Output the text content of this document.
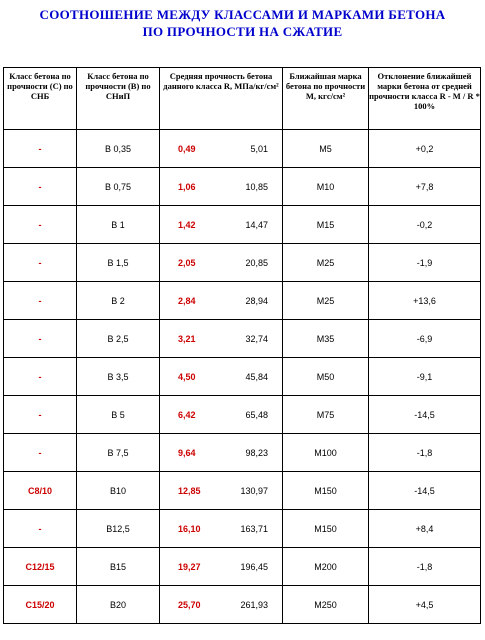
СООТНОШЕНИЕ МЕЖДУ КЛАССАМИ И МАРКАМИ БЕТОНА
ПО ПРОЧНОСТИ НА СЖАТИЕ
Класс бетона по прочности (С) по СНБ	Класс бетона по прочности (В) по СНиП	Средняя прочность бетона данного класса R, МПа/кг/см²	Ближайшая марка бетона по прочности М, кгс/см²	Отклонение ближайшей марки бетона от средней прочности класса R - M / R * 100%
-	В 0,35	0,49 5,01	М5	+0,2
-	В 0,75	1,06 10,85	М10	+7,8
-	В 1	1,42 14,47	М15	-0,2
-	В 1,5	2,05 20,85	М25	-1,9
-	В 2	2,84 28,94	М25	+13,6
-	В 2,5	3,21 32,74	М35	-6,9
-	В 3,5	4,50 45,84	М50	-9,1
-	В 5	6,42 65,48	М75	-14,5
-	В 7,5	9,64 98,23	М100	-1,8
C8/10	В10	12,85 130,97	М150	-14,5
-	В12,5	16,10 163,71	М150	+8,4
C12/15	В15	19,27 196,45	М200	-1,8
C15/20	В20	25,70 261,93	М250	+4,5
